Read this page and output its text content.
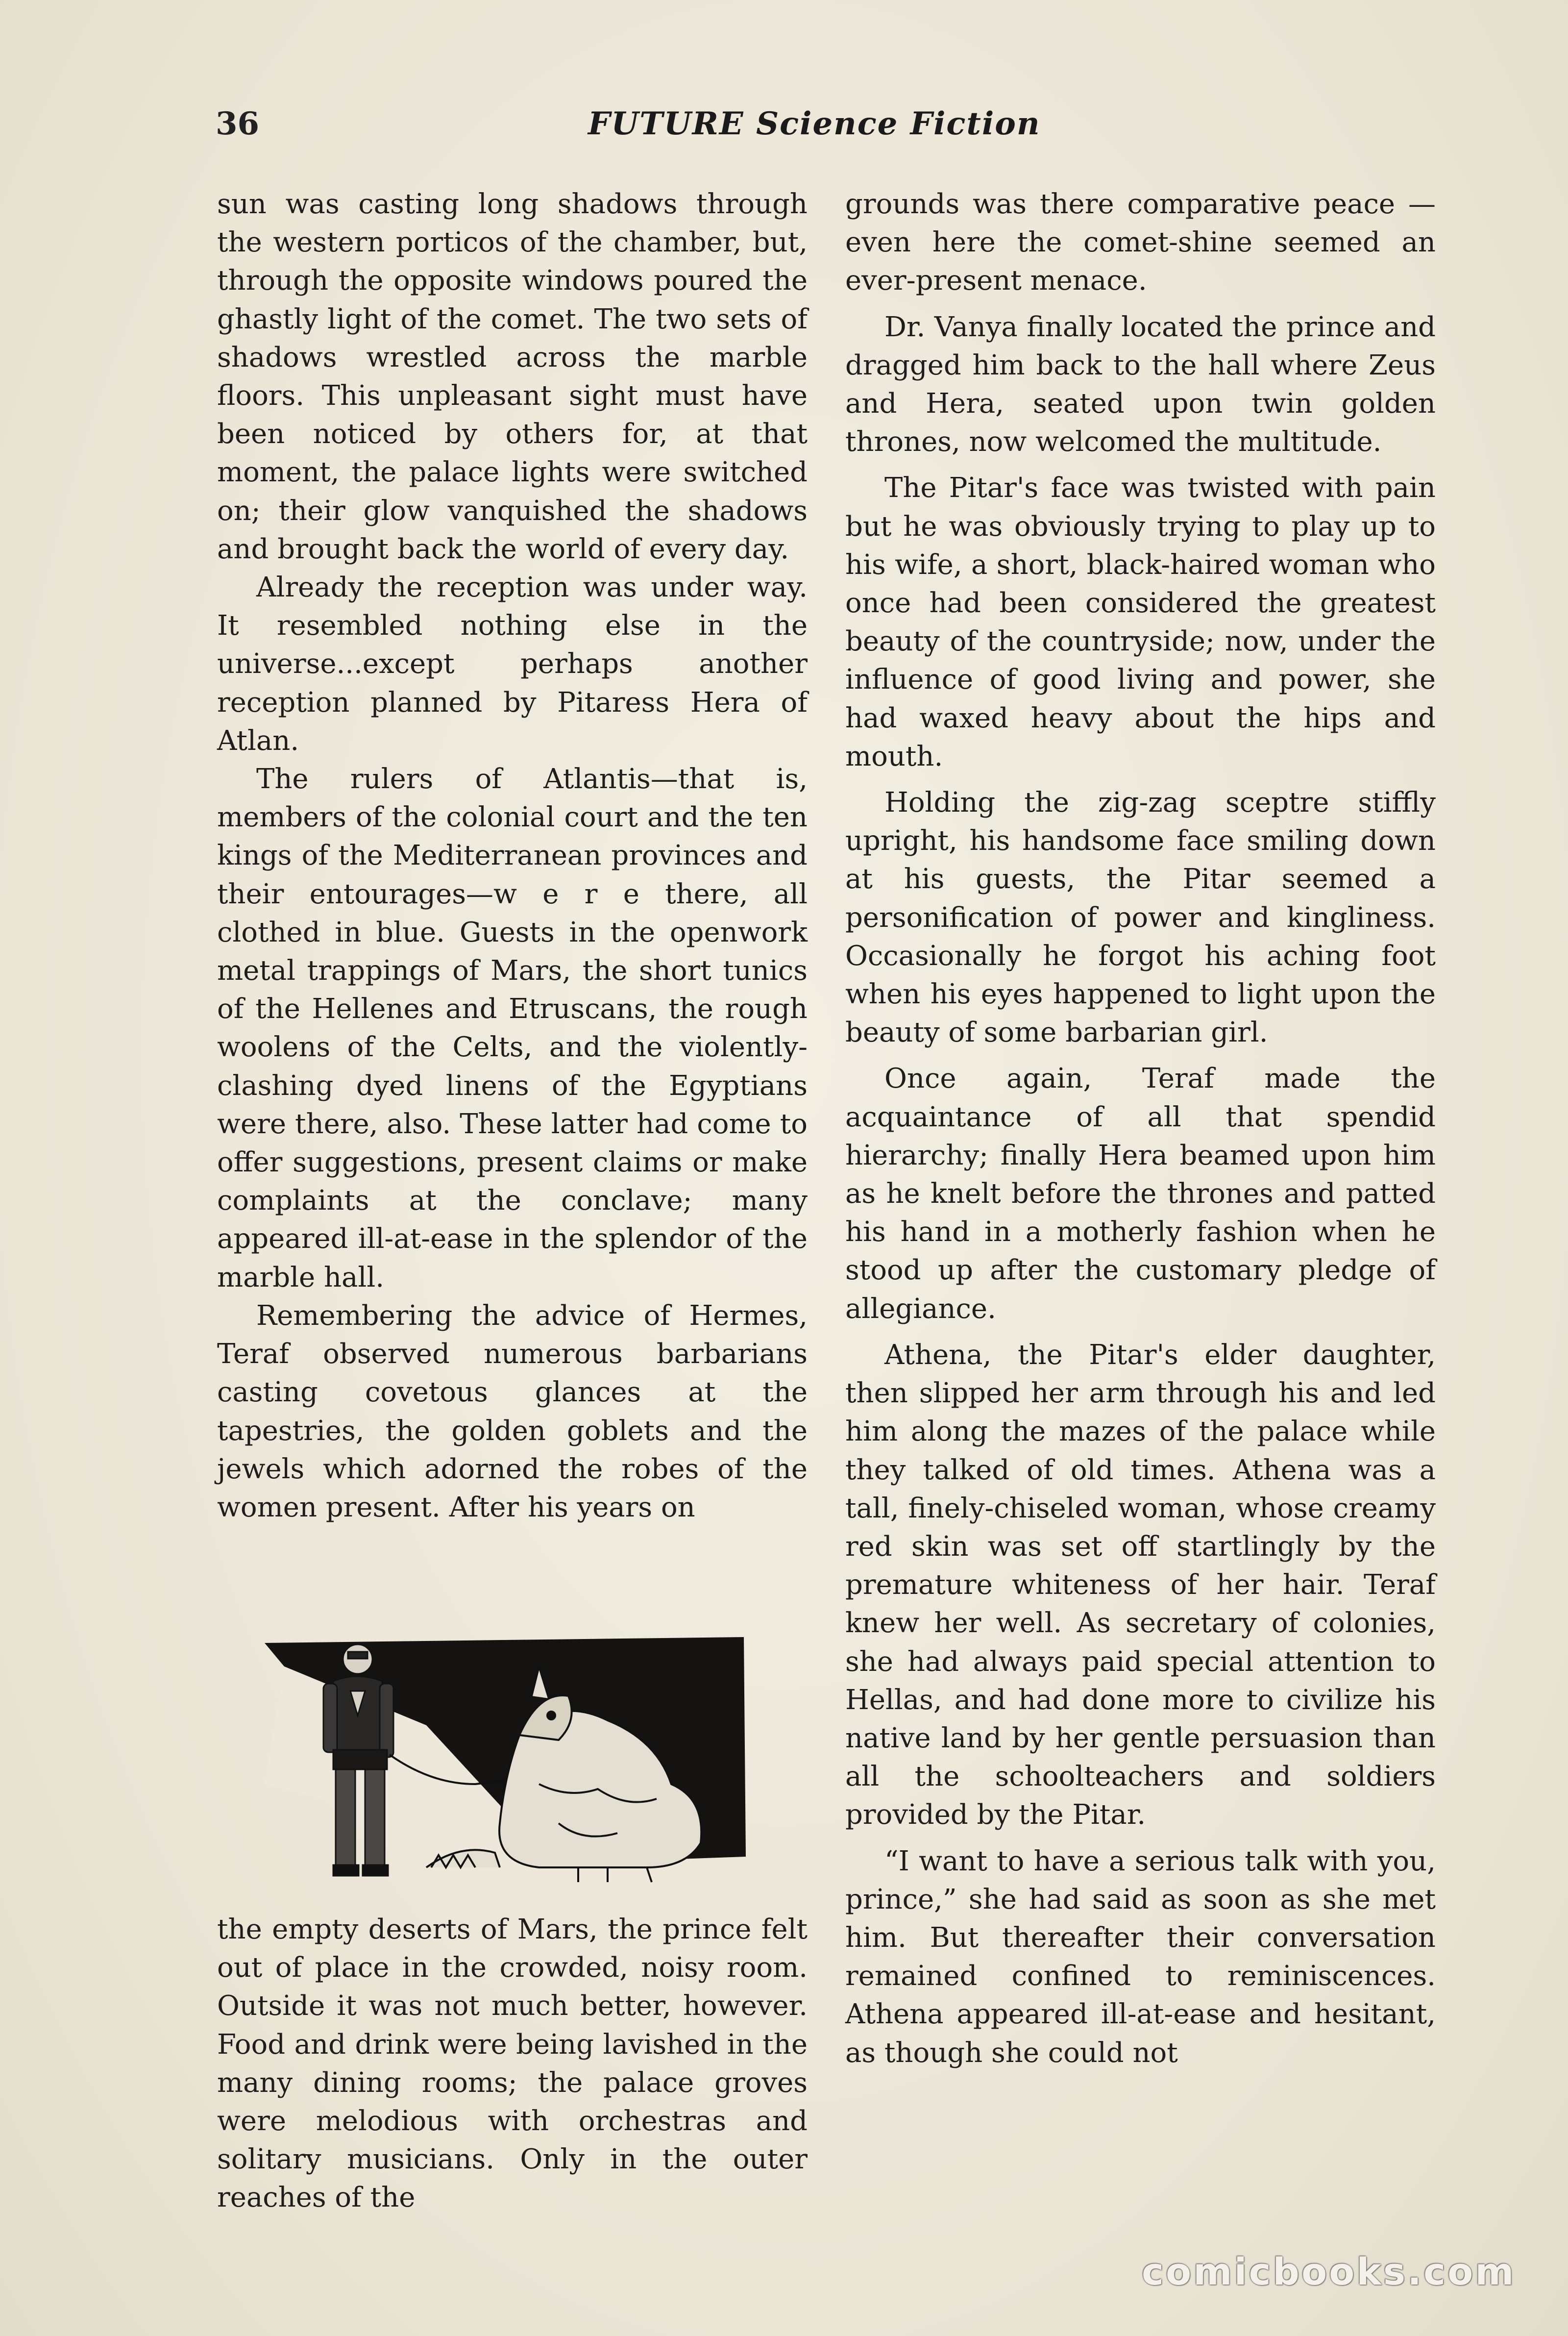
36	FUTURE Science Fiction

sun was casting long shadows through the western porticos of the chamber, but, through the opposite windows poured the ghastly light of the comet. The two sets of shadows wrestled across the marble floors. This unpleasant sight must have been noticed by others for, at that moment, the palace lights were switched on; their glow vanquished the shadows and brought back the world of every day.

Already the reception was under way. It resembled nothing else in the universe...except perhaps another reception planned by Pitaress Hera of Atlan.

The rulers of Atlantis—that is, members of the colonial court and the ten kings of the Mediterranean provinces and their entourages—w e r e there, all clothed in blue. Guests in the openwork metal trappings of Mars, the short tunics of the Hellenes and Etruscans, the rough woolens of the Celts, and the violently-clashing dyed linens of the Egyptians were there, also. These latter had come to offer suggestions, present claims or make complaints at the conclave; many appeared ill-at-ease in the splendor of the marble hall.

Remembering the advice of Hermes, Teraf observed numerous barbarians casting covetous glances at the tapestries, the golden goblets and the jewels which adorned the robes of the women present. After his years on

the empty deserts of Mars, the prince felt out of place in the crowded, noisy room. Outside it was not much better, however. Food and drink were being lavished in the many dining rooms; the palace groves were melodious with orchestras and solitary musicians. Only in the outer reaches of the

grounds was there comparative peace —even here the comet-shine seemed an ever-present menace.

Dr. Vanya finally located the prince and dragged him back to the hall where Zeus and Hera, seated upon twin golden thrones, now welcomed the multitude.

The Pitar's face was twisted with pain but he was obviously trying to play up to his wife, a short, black-haired woman who once had been considered the greatest beauty of the countryside; now, under the influence of good living and power, she had waxed heavy about the hips and mouth.

Holding the zig-zag sceptre stiffly upright, his handsome face smiling down at his guests, the Pitar seemed a personification of power and kingliness. Occasionally he forgot his aching foot when his eyes happened to light upon the beauty of some barbarian girl.

Once again, Teraf made the acquaintance of all that spendid hierarchy; finally Hera beamed upon him as he knelt before the thrones and patted his hand in a motherly fashion when he stood up after the customary pledge of allegiance.

Athena, the Pitar's elder daughter, then slipped her arm through his and led him along the mazes of the palace while they talked of old times. Athena was a tall, finely-chiseled woman, whose creamy red skin was set off startlingly by the premature whiteness of her hair. Teraf knew her well. As secretary of colonies, she had always paid special attention to Hellas, and had done more to civilize his native land by her gentle persuasion than all the schoolteachers and soldiers provided by the Pitar.

“I want to have a serious talk with you, prince,” she had said as soon as she met him. But thereafter their conversation remained confined to reminiscences. Athena appeared ill-at-ease and hesitant, as though she could not

comicbooks.com
